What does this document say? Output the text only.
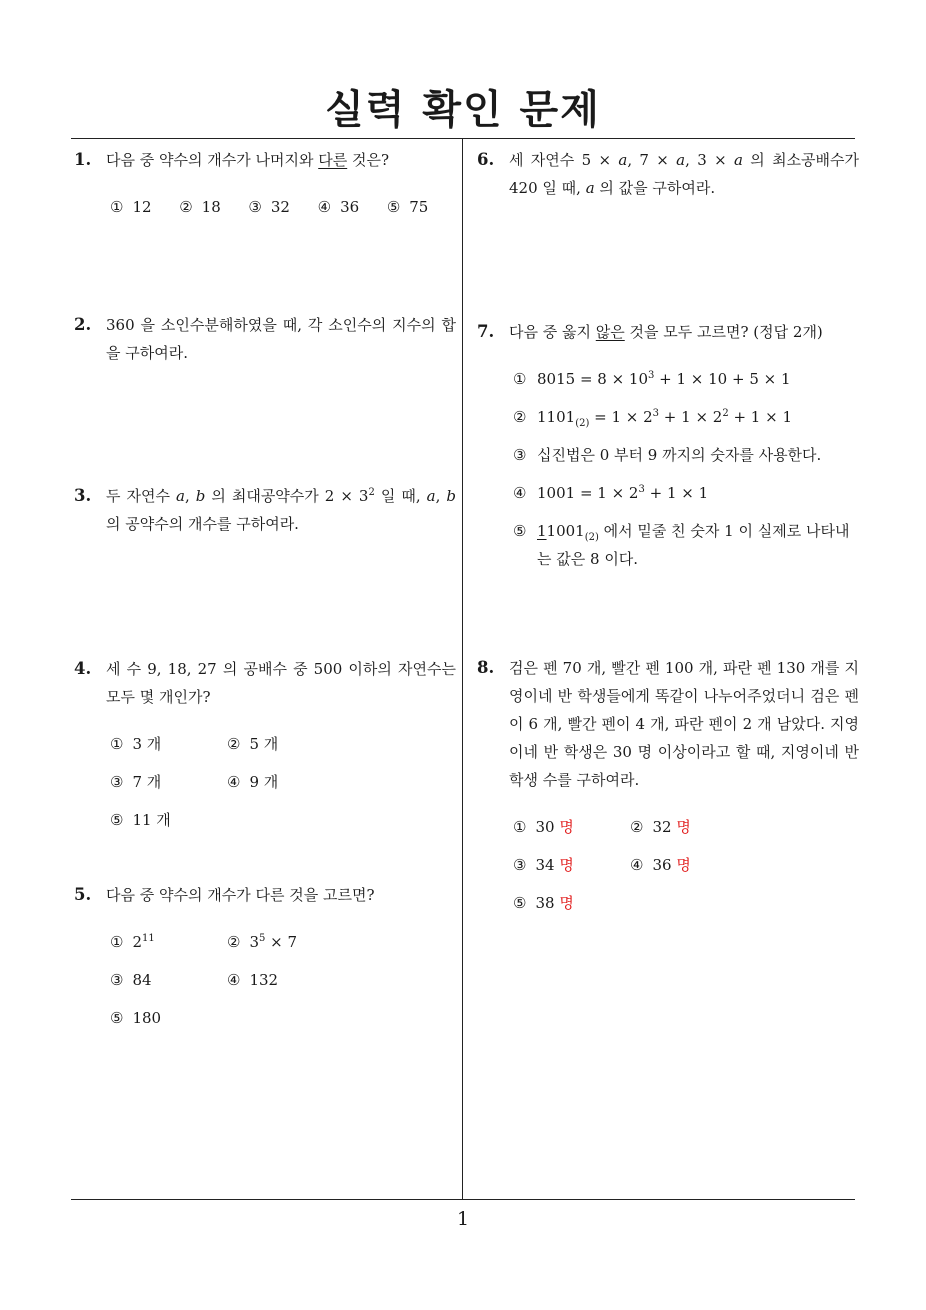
실력 확인 문제
1
1. 다음 중 약수의 개수가 나머지와 다른 것은?
① 12	② 18	③ 32	④ 36	⑤ 75
2. 360 을 소인수분해하였을 때, 각 소인수의 지수의 합을 구하여라.
3. 두 자연수 a, b 의 최대공약수가 $2 \times 3^2$ 일 때, a, b 의 공약수의 개수를 구하여라.
4. 세 수 9, 18, 27 의 공배수 중 500 이하의 자연수는 모두 몇 개인가?
① 3 개	② 5 개
③ 7 개	④ 9 개
⑤ 11 개
5. 다음 중 약수의 개수가 다른 것을 고르면?
① $2^{11}$	② $3^5 \times 7$
③ 84	④ 132
⑤ 180
6. 세 자연수 5 × a, 7 × a, 3 × a 의 최소공배수가 420 일 때, a 의 값을 구하여라.
7. 다음 중 옳지 않은 것을 모두 고르면? (정답 2개)
① $8015 = 8 \times 10^3 + 1 \times 10 + 5 \times 1$
② $1101_{(2)} = 1 \times 2^3 + 1 \times 2^2 + 1 \times 1$
③ 십진법은 0 부터 9 까지의 숫자를 사용한다.
④ $1001 = 1 \times 2^3 + 1 \times 1$
⑤ $11001_{(2)}$ 에서 밑줄 친 숫자 1 이 실제로 나타내는 값은 8 이다.
8. 검은 펜 70 개, 빨간 펜 100 개, 파란 펜 130 개를 지영이네 반 학생들에게 똑같이 나누어주었더니 검은 펜이 6 개, 빨간 펜이 4 개, 파란 펜이 2 개 남았다. 지영이네 반 학생은 30 명 이상이라고 할 때, 지영이네 반 학생 수를 구하여라.
① 30 명	② 32 명
③ 34 명	④ 36 명
⑤ 38 명
